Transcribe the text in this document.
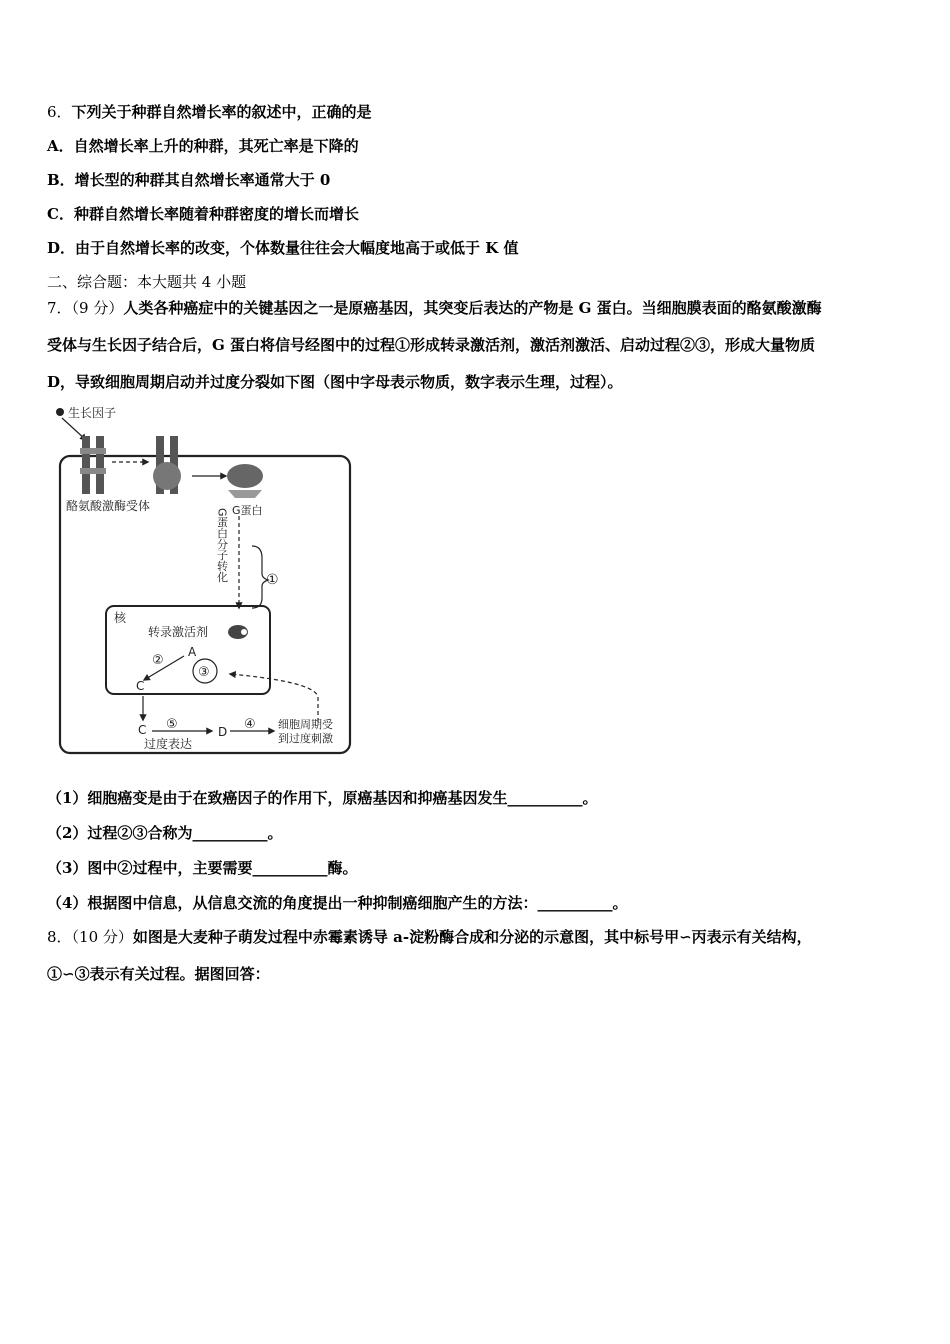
6．下列关于种群自然增长率的叙述中，正确的是
A．自然增长率上升的种群，其死亡率是下降的
B．增长型的种群其自然增长率通常大于 0
C．种群自然增长率随着种群密度的增长而增长
D．由于自然增长率的改变，个体数量往往会大幅度地高于或低于 K 值
二、综合题：本大题共 4 小题
7．（9 分）人类各种癌症中的关键基因之一是原癌基因，其突变后表达的产物是 G 蛋白。当细胞膜表面的酪氨酸激酶
受体与生长因子结合后，G 蛋白将信号经图中的过程①形成转录激活剂，激活剂激活、启动过程②③，形成大量物质
D，导致细胞周期启动并过度分裂如下图（图中字母表示物质，数字表示生理，过程）。
生长因子
酪氨酸激酶受体	G蛋白
G蛋白分子转化	①
核
转录激活剂
A
③
②
C
C ⑤
过度表达
D ④ 细胞周期受
到过度刺激
（1）细胞癌变是由于在致癌因子的作用下，原癌基因和抑癌基因发生__________。
（2）过程②③合称为__________。
（3）图中②过程中，主要需要__________酶。
（4）根据图中信息，从信息交流的角度提出一种抑制癌细胞产生的方法：__________。
8．（10 分）如图是大麦种子萌发过程中赤霉素诱导 a-淀粉酶合成和分泌的示意图，其中标号甲∽丙表示有关结构，
①∽③表示有关过程。据图回答：
